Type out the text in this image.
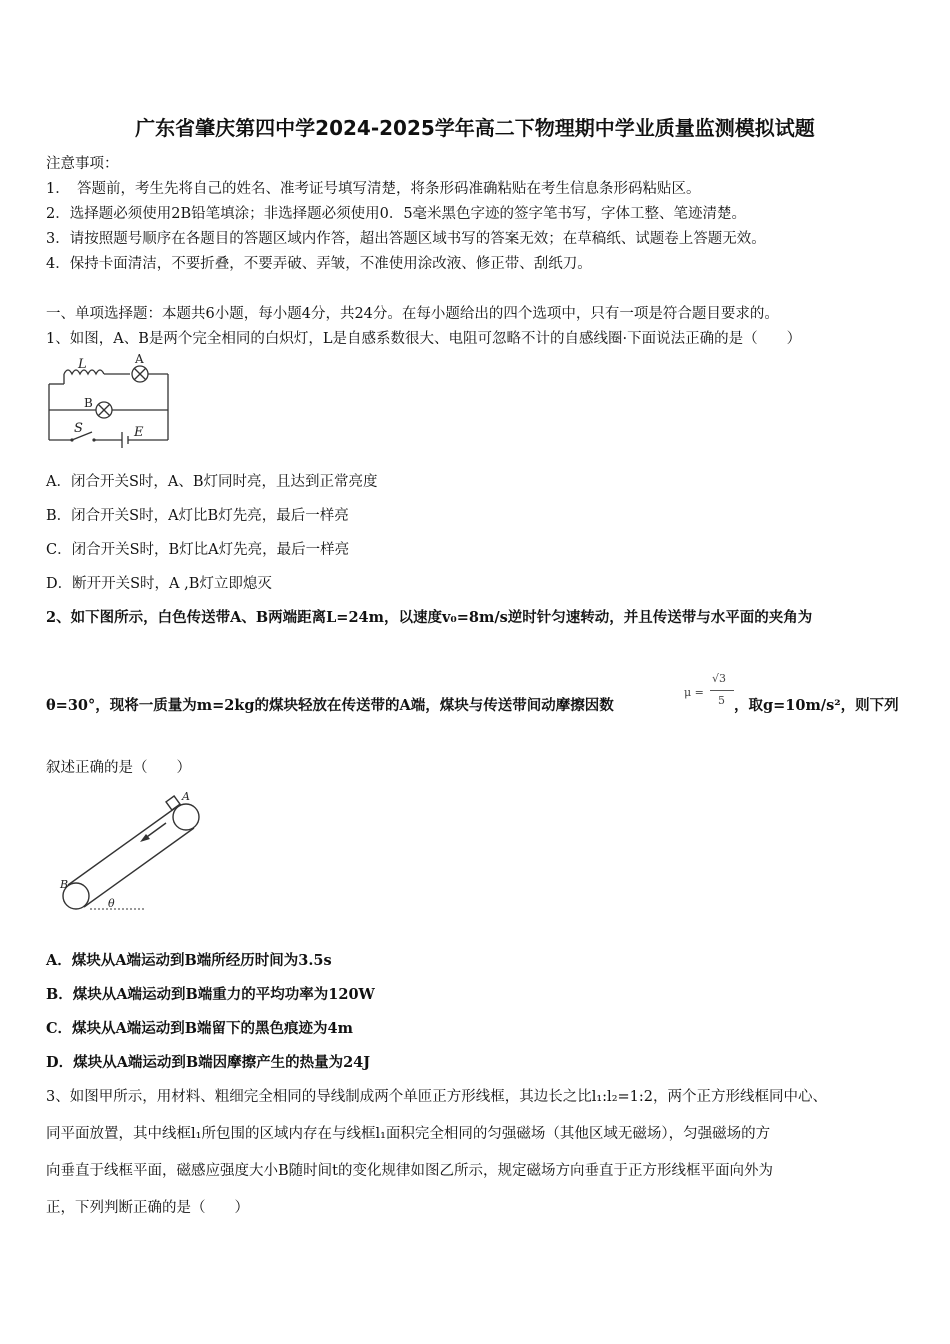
广东省肇庆第四中学2024-2025学年高二下物理期中学业质量监测模拟试题
注意事项：
1．　答题前，考生先将自己的姓名、准考证号填写清楚，将条形码准确粘贴在考生信息条形码粘贴区。
2．选择题必须使用2B铅笔填涂；非选择题必须使用0．5毫米黑色字迹的签字笔书写，字体工整、笔迹清楚。
3．请按照题号顺序在各题目的答题区域内作答，超出答题区域书写的答案无效；在草稿纸、试题卷上答题无效。
4．保持卡面清洁，不要折叠，不要弄破、弄皱，不准使用涂改液、修正带、刮纸刀。
一、单项选择题：本题共6小题，每小题4分，共24分。在每小题给出的四个选项中，只有一项是符合题目要求的。
1、如图，A、B是两个完全相同的白炽灯，L是自感系数很大、电阻可忽略不计的自感线圈·下面说法正确的是（　　）
L	A
B
S	E
A．闭合开关S时，A、B灯同时亮，且达到正常亮度
B．闭合开关S时，A灯比B灯先亮，最后一样亮
C．闭合开关S时，B灯比A灯先亮，最后一样亮
D．断开开关S时，A ,B灯立即熄灭
2、如下图所示，白色传送带A、B两端距离L=24m，以速度v₀=8m/s逆时针匀速转动，并且传送带与水平面的夹角为
θ=30°，现将一质量为m=2kg的煤块轻放在传送带的A端，煤块与传送带间动摩擦因数
μ =
√3
5 ，取g=10m/s²，则下列
叙述正确的是（　　）
A
B
θ
A．煤块从A端运动到B端所经历时间为3.5s
B．煤块从A端运动到B端重力的平均功率为120W
C．煤块从A端运动到B端留下的黑色痕迹为4m
D．煤块从A端运动到B端因摩擦产生的热量为24J
3、如图甲所示，用材料、粗细完全相同的导线制成两个单匝正方形线框，其边长之比l₁:l₂=1:2，两个正方形线框同中心、
同平面放置，其中线框l₁所包围的区域内存在与线框l₁面积完全相同的匀强磁场（其他区域无磁场），匀强磁场的方
向垂直于线框平面，磁感应强度大小B随时间t的变化规律如图乙所示，规定磁场方向垂直于正方形线框平面向外为
正，下列判断正确的是（　　）
